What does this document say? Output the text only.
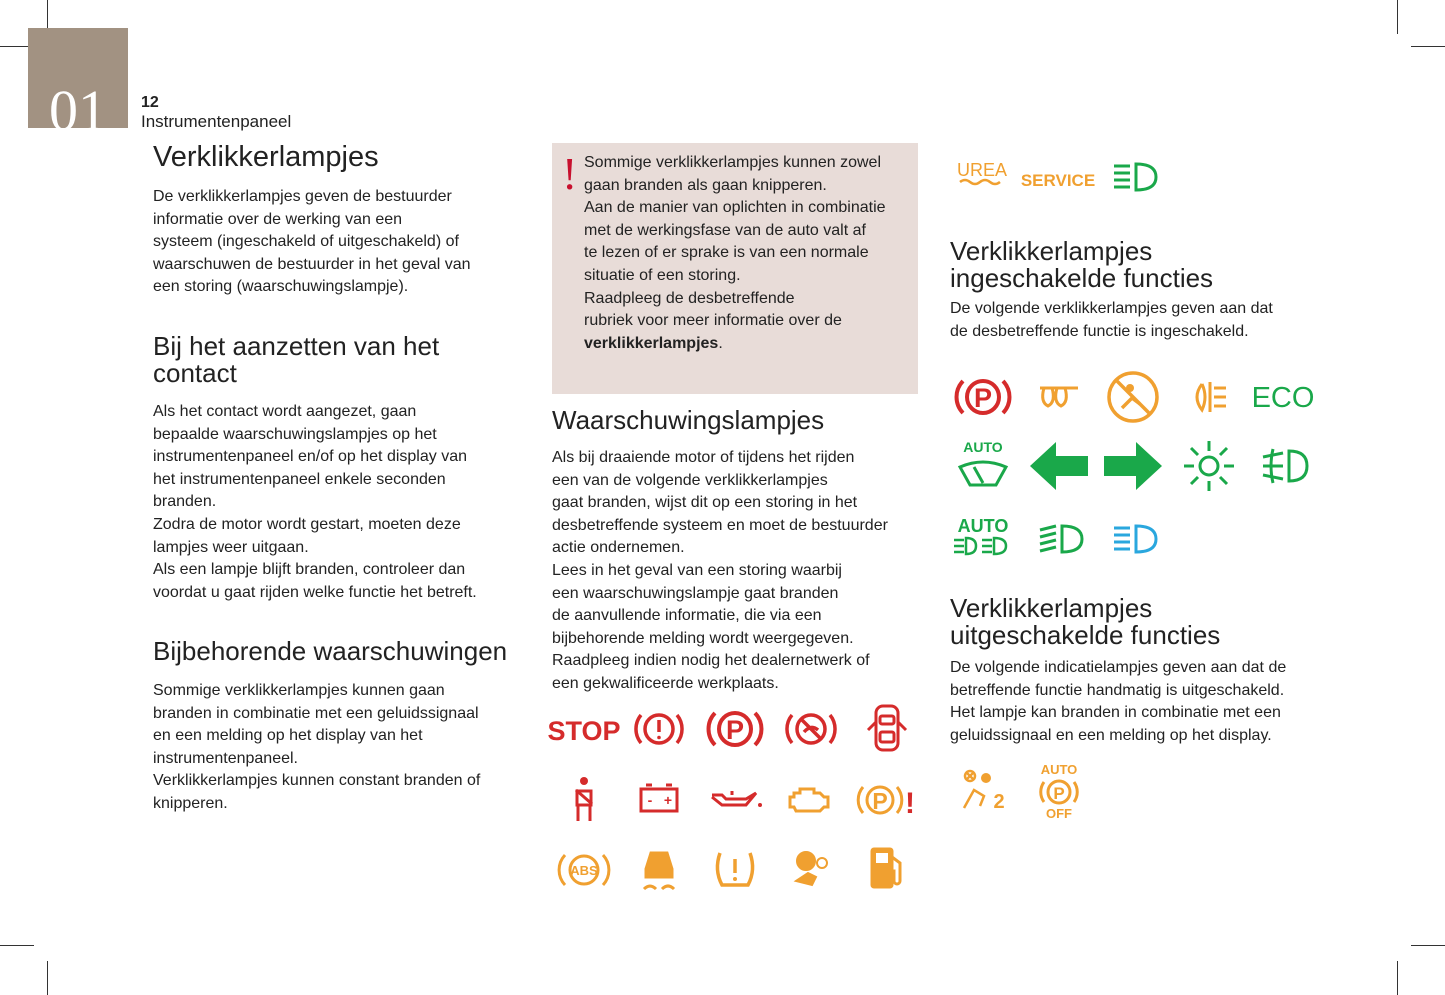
01	12
Instrumentenpaneel
Verklikkerlampjes
De verklikkerlampjes geven de bestuurder
informatie over de werking van een
systeem (ingeschakeld of uitgeschakeld) of
waarschuwen de bestuurder in het geval van
een storing (waarschuwingslampje).
Bij het aanzetten van het
contact
Als het contact wordt aangezet, gaan
bepaalde waarschuwingslampjes op het
instrumentenpaneel en/of op het display van
het instrumentenpaneel enkele seconden
branden.
Zodra de motor wordt gestart, moeten deze
lampjes weer uitgaan.
Als een lampje blijft branden, controleer dan
voordat u gaat rijden welke functie het betreft.
Bijbehorende waarschuwingen
Sommige verklikkerlampjes kunnen gaan
branden in combinatie met een geluidssignaal
en een melding op het display van het
instrumentenpaneel.
Verklikkerlampjes kunnen constant branden of
knipperen.
! Sommige verklikkerlampjes kunnen zowel
gaan branden als gaan knipperen.
Aan de manier van oplichten in combinatie
met de werkingsfase van de auto valt af
te lezen of er sprake is van een normale
situatie of een storing.
Raadpleeg de desbetreffende
rubriek voor meer informatie over de
verklikkerlampjes.
Waarschuwingslampjes
Als bij draaiende motor of tijdens het rijden
een van de volgende verklikkerlampjes
gaat branden, wijst dit op een storing in het
desbetreffende systeem en moet de bestuurder
actie ondernemen.
Lees in het geval van een storing waarbij
een waarschuwingslampje gaat branden
de aanvullende informatie, die via een
bijbehorende melding wordt weergegeven.
Raadpleeg indien nodig het dealernetwerk of
een gekwalificeerde werkplaats.
STOP	P
- +	P !
ABS
UREA
SERVICE
Verklikkerlampjes
ingeschakelde functies
De volgende verklikkerlampjes geven aan dat
de desbetreffende functie is ingeschakeld.
P	ECO
AUTO
AUTO
Verklikkerlampjes
uitgeschakelde functies
De volgende indicatielampjes geven aan dat de
betreffende functie handmatig is uitgeschakeld.
Het lampje kan branden in combinatie met een
geluidssignaal en een melding op het display.
2
AUTO
P
OFF
